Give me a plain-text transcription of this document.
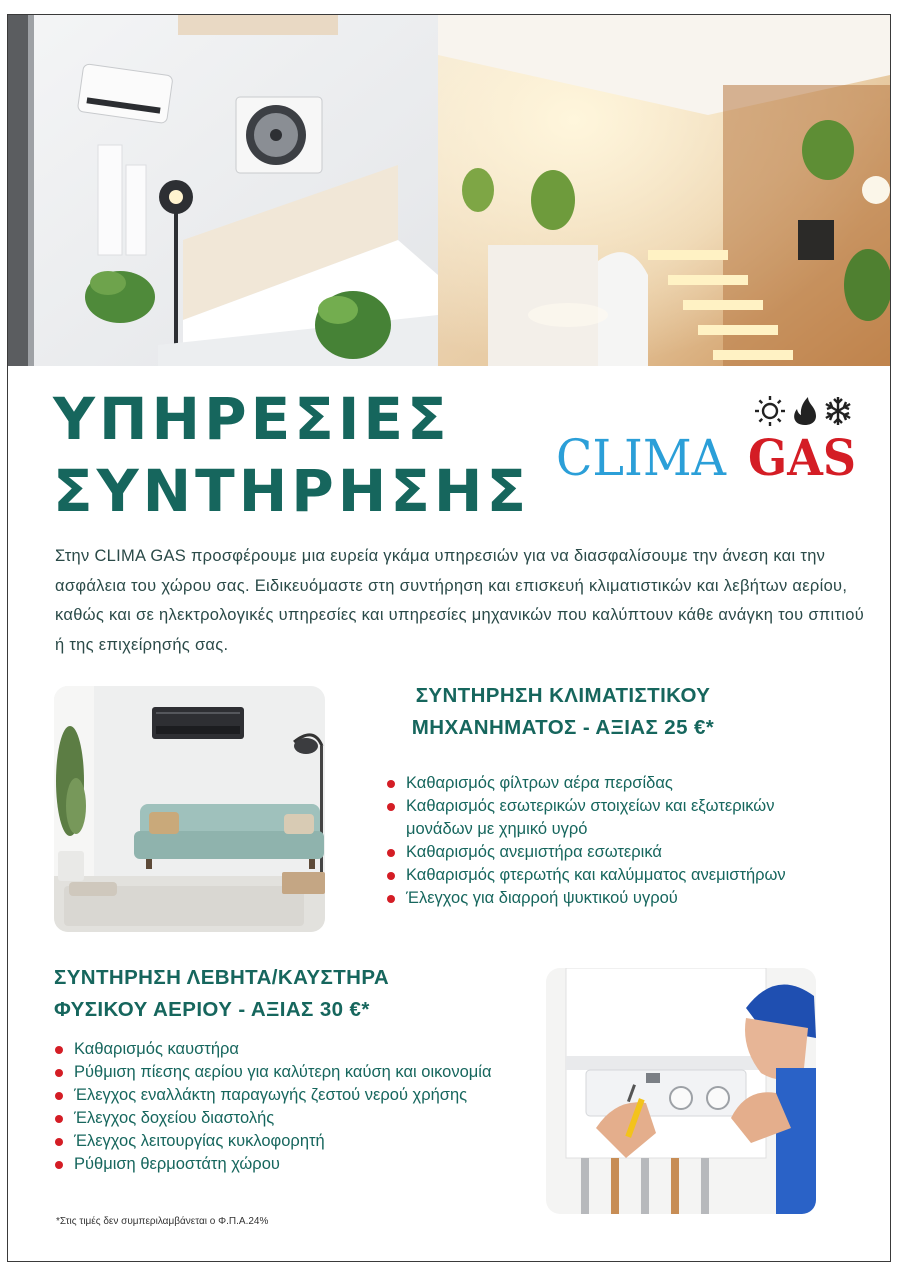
ΥΠΗΡΕΣΙΕΣ
ΣΥΝΤΗΡΗΣΗΣ CLIMA GAS

Στην CLIMA GAS προσφέρουμε μια ευρεία γκάμα υπηρεσιών για να διασφαλίσουμε την άνεση και την ασφάλεια του χώρου σας. Ειδικευόμαστε στη συντήρηση και επισκευή κλιματιστικών και λεβήτων αερίου, καθώς και σε ηλεκτρολογικές υπηρεσίες και υπηρεσίες μηχανικών που καλύπτουν κάθε ανάγκη του σπιτιού ή της επιχείρησής σας.

ΣΥΝΤΗΡΗΣΗ ΚΛΙΜΑΤΙΣΤΙΚΟΥ
ΜΗΧΑΝΗΜΑΤΟΣ - ΑΞΙΑΣ 25 €*
Καθαρισμός φίλτρων αέρα περσίδας
Καθαρισμός εσωτερικών στοιχείων και εξωτερικών μονάδων με χημικό υγρό
Καθαρισμός ανεμιστήρα εσωτερικά
Καθαρισμός φτερωτής και καλύμματος ανεμιστήρων
Έλεγχος για διαρροή ψυκτικού υγρού
ΣΥΝΤΗΡΗΣΗ ΛΕΒΗΤΑ/ΚΑΥΣΤΗΡΑ
ΦΥΣΙΚΟΥ ΑΕΡΙΟΥ - ΑΞΙΑΣ 30 €*
Καθαρισμός καυστήρα
Ρύθμιση πίεσης αερίου για καλύτερη καύση και οικονομία
Έλεγχος εναλλάκτη παραγωγής ζεστού νερού χρήσης
Έλεγχος δοχείου διαστολής
Έλεγχος λειτουργίας κυκλοφορητή
Ρύθμιση θερμοστάτη χώρου

*Στις τιμές δεν συμπεριλαμβάνεται ο Φ.Π.Α.24%
